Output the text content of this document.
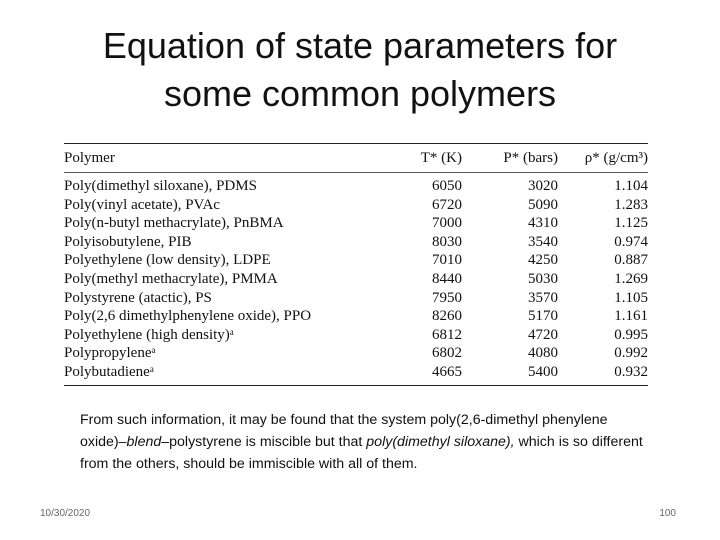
Equation of state parameters for
some common polymers
Polymer	T* (K)	P* (bars)	ρ* (g/cm³)
Poly(dimethyl siloxane), PDMS	6050	3020	1.104
Poly(vinyl acetate), PVAc	6720	5090	1.283
Poly(n-butyl methacrylate), PnBMA	7000	4310	1.125
Polyisobutylene, PIB	8030	3540	0.974
Polyethylene (low density), LDPE	7010	4250	0.887
Poly(methyl methacrylate), PMMA	8440	5030	1.269
Polystyrene (atactic), PS	7950	3570	1.105
Poly(2,6 dimethylphenylene oxide), PPO	8260	5170	1.161
Polyethylene (high density)ᵃ	6812	4720	0.995
Polypropyleneᵃ	6802	4080	0.992
Polybutadieneᵃ	4665	5400	0.932
From such information, it may be found that the system poly(2,6-dimethyl phenylene oxide)–blend–polystyrene is miscible but that poly(dimethyl siloxane), which is so different from the others, should be immiscible with all of them.
10/30/2020	100
